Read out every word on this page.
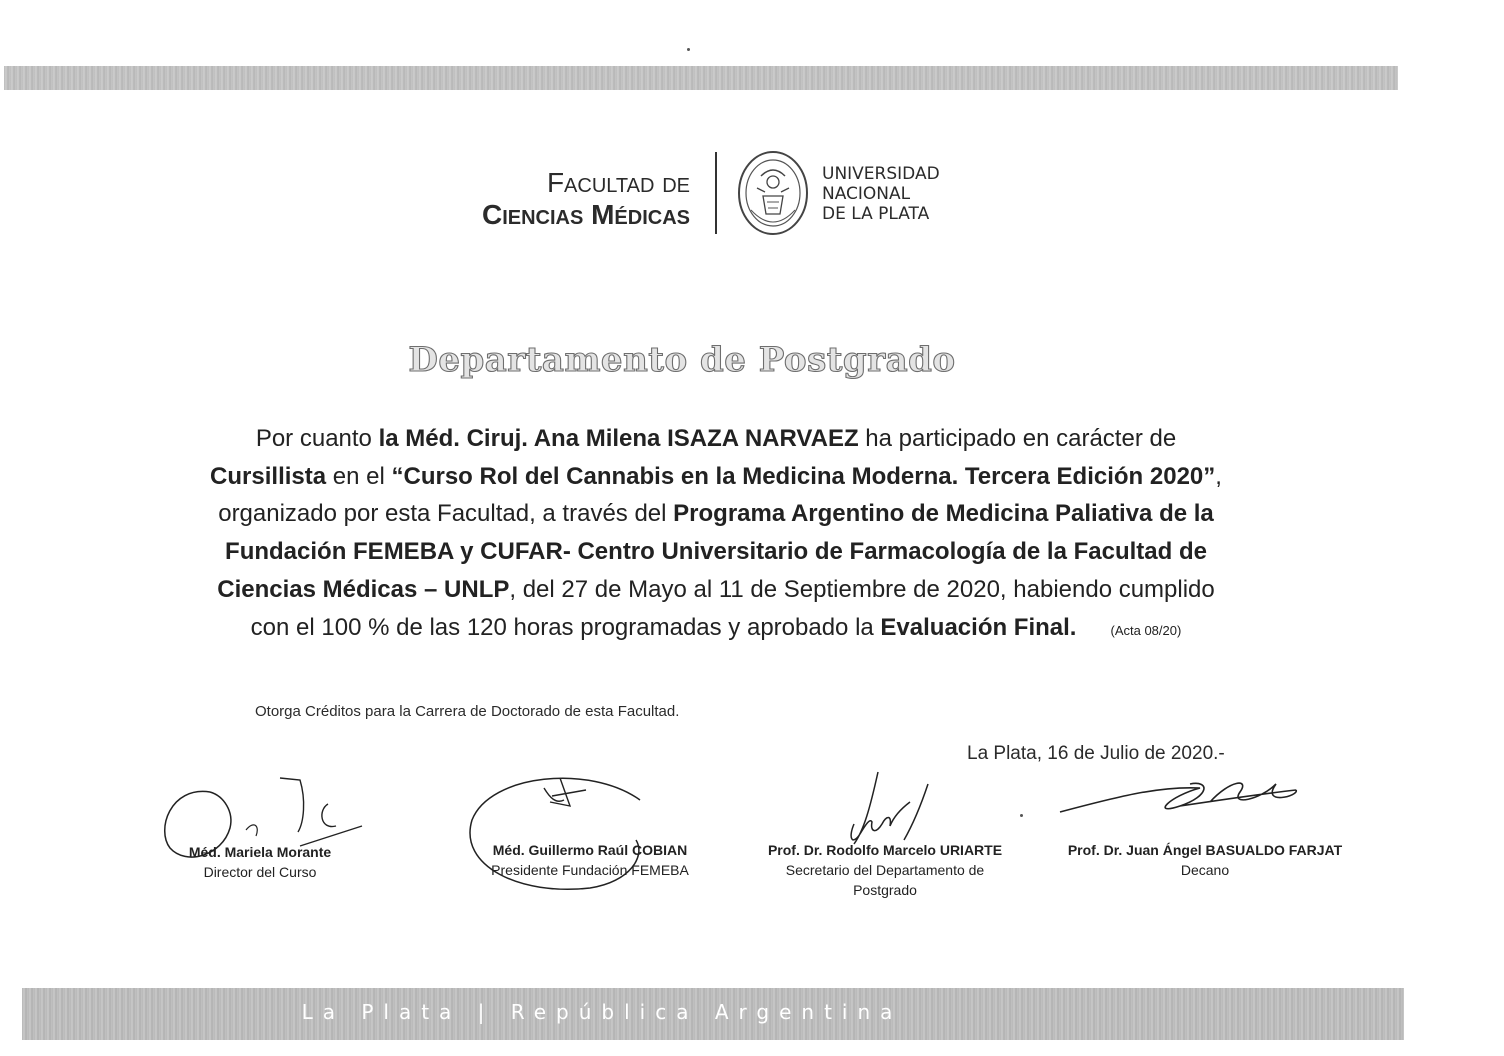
Facultad de
Ciencias Médicas
UNIVERSIDAD
NACIONAL
DE LA PLATA
Departamento de Postgrado
Por cuanto la Méd. Ciruj. Ana Milena ISAZA NARVAEZ ha participado en carácter de Cursillista en el “Curso Rol del Cannabis en la Medicina Moderna. Tercera Edición 2020”, organizado por esta Facultad, a través del Programa Argentino de Medicina Paliativa de la Fundación FEMEBA y CUFAR- Centro Universitario de Farmacología de la Facultad de Ciencias Médicas – UNLP, del 27 de Mayo al 11 de Septiembre de 2020, habiendo cumplido con el 100 % de las 120 horas programadas y aprobado la Evaluación Final.	(Acta 08/20)
Otorga Créditos para la Carrera de Doctorado de esta Facultad.
La Plata, 16 de Julio de 2020.-
Méd. Mariela Morante
Director del Curso
Méd. Guillermo Raúl COBIAN
Presidente Fundación FEMEBA
Prof. Dr. Rodolfo Marcelo URIARTE
Secretario del Departamento de
Postgrado
Prof. Dr. Juan Ángel BASUALDO FARJAT
Decano
La Plata | República Argentina
